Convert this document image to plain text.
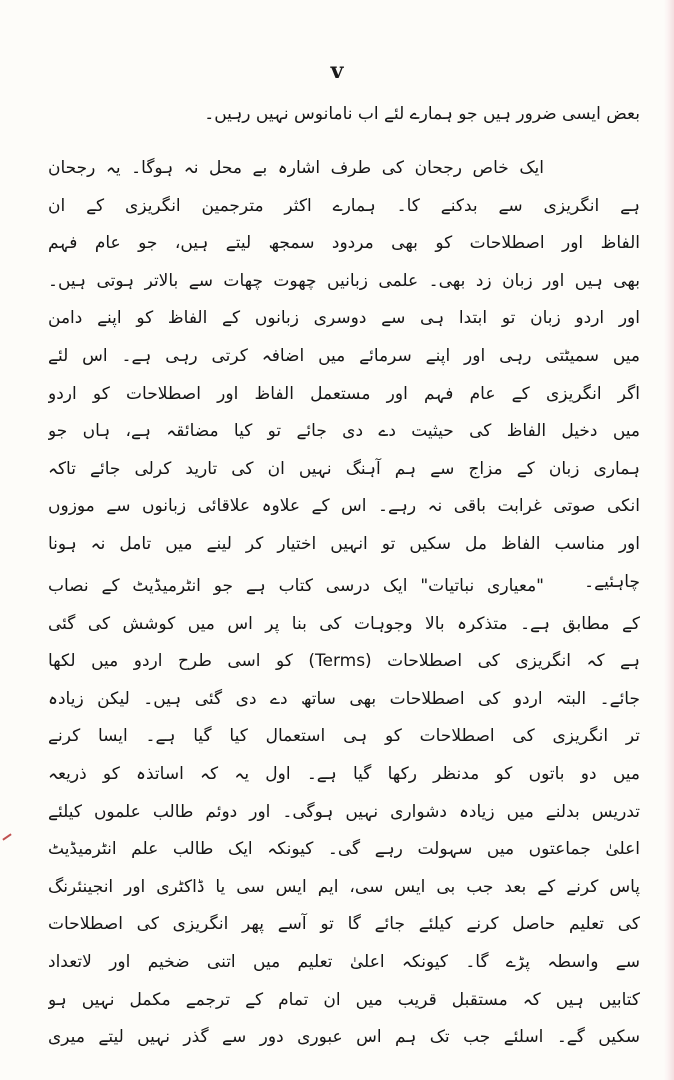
v
بعض ایسی ضرور ہیں جو ہمارے لئے اب نامانوس نہیں رہیں۔
ایک خاص رجحان کی طرف اشارہ بے محل نہ ہوگا۔ یہ رجحان
ہے انگریزی سے بدکنے کا۔ ہمارے اکثر مترجمین انگریزی کے ان
الفاظ اور اصطلاحات کو بھی مردود سمجھ لیتے ہیں، جو عام فہم
بھی ہیں اور زبان زد بھی۔ علمی زبانیں چھوت چھات سے بالاتر ہوتی ہیں۔
اور اردو زبان تو ابتدا ہی سے دوسری زبانوں کے الفاظ کو اپنے دامن
میں سمیٹتی رہی اور اپنے سرمائے میں اضافہ کرتی رہی ہے۔ اس لئے
اگر انگریزی کے عام فہم اور مستعمل الفاظ اور اصطلاحات کو اردو
میں دخیل الفاظ کی حیثیت دے دی جائے تو کیا مضائقہ ہے، ہاں جو
ہماری زبان کے مزاج سے ہم آہنگ نہیں ان کی تارید کرلی جائے تاکہ
انکی صوتی غرابت باقی نہ رہے۔ اس کے علاوہ علاقائی زبانوں سے موزوں
اور مناسب الفاظ مل سکیں تو انہیں اختیار کر لینے میں تامل نہ ہونا
چاہئیے۔
"معیاری نباتیات" ایک درسی کتاب ہے جو انٹرمیڈیٹ کے نصاب
کے مطابق ہے۔ متذکرہ بالا وجوہات کی بنا پر اس میں کوشش کی گئی
ہے کہ انگریزی کی اصطلاحات (Terms) کو اسی طرح اردو میں لکھا
جائے۔ البتہ اردو کی اصطلاحات بھی ساتھ دے دی گئی ہیں۔ لیکن زیادہ
تر انگریزی کی اصطلاحات کو ہی استعمال کیا گیا ہے۔ ایسا کرنے
میں دو باتوں کو مدنظر رکھا گیا ہے۔ اول یہ کہ اساتذہ کو ذریعہ
تدریس بدلنے میں زیادہ دشواری نہیں ہوگی۔ اور دوئم طالب علموں کیلئے
اعلیٰ جماعتوں میں سہولت رہے گی۔ کیونکہ ایک طالب علم انٹرمیڈیٹ
پاس کرنے کے بعد جب بی ایس سی، ایم ایس سی یا ڈاکٹری اور انجینئرنگ
کی تعلیم حاصل کرنے کیلئے جائے گا تو آسے پھر انگریزی کی اصطلاحات
سے واسطہ پڑے گا۔ کیونکہ اعلیٰ تعلیم میں اتنی ضخیم اور لاتعداد
کتابیں ہیں کہ مستقبل قریب میں ان تمام کے ترجمے مکمل نہیں ہو
سکیں گے۔ اسلئے جب تک ہم اس عبوری دور سے گذر نہیں لیتے میری
